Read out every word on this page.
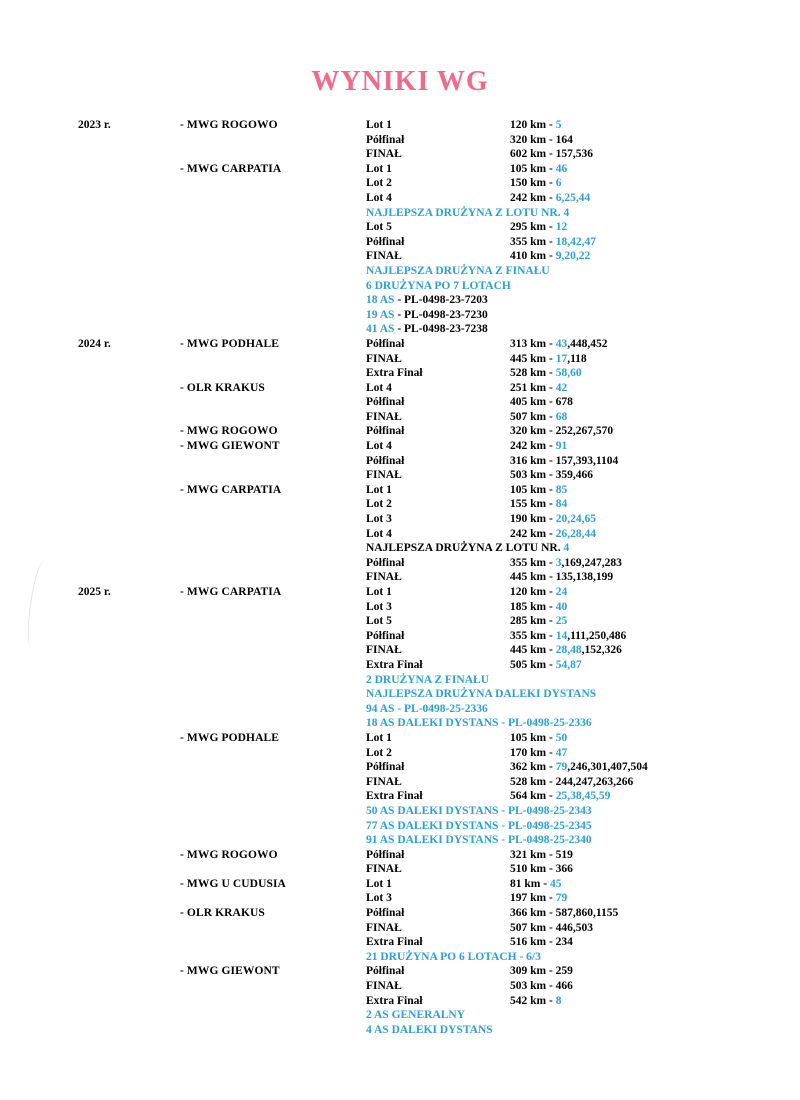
WYNIKI WG
2023 r.	- MWG ROGOWO	Lot 1	120 km - 5
Półfinał	320 km - 164
FINAŁ	602 km - 157,536
- MWG CARPATIA	Lot 1	105 km - 46
Lot 2	150 km - 6
Lot 4	242 km - 6,25,44
NAJLEPSZA DRUŻYNA Z LOTU NR. 4
Lot 5	295 km - 12
Półfinał	355 km - 18,42,47
FINAŁ	410 km - 9,20,22
NAJLEPSZA DRUŻYNA Z FINAŁU
6 DRUŻYNA PO 7 LOTACH
18 AS - PL-0498-23-7203
19 AS - PL-0498-23-7230
41 AS - PL-0498-23-7238
2024 r.	- MWG PODHALE	Półfinał	313 km - 43,448,452
FINAŁ	445 km - 17,118
Extra Finał	528 km - 58,60
- OLR KRAKUS	Lot 4	251 km - 42
Półfinał	405 km - 678
FINAŁ	507 km - 68
- MWG ROGOWO	Półfinał	320 km - 252,267,570
- MWG GIEWONT	Lot 4	242 km - 91
Półfinał	316 km - 157,393,1104
FINAŁ	503 km - 359,466
- MWG CARPATIA	Lot 1	105 km - 85
Lot 2	155 km - 84
Lot 3	190 km - 20,24,65
Lot 4	242 km - 26,28,44
NAJLEPSZA DRUŻYNA Z LOTU NR. 4
Półfinał	355 km - 3,169,247,283
FINAŁ	445 km - 135,138,199
2025 r.	- MWG CARPATIA	Lot 1	120 km - 24
Lot 3	185 km - 40
Lot 5	285 km - 25
Półfinał	355 km - 14,111,250,486
FINAŁ	445 km - 28,48,152,326
Extra Finał	505 km - 54,87
2 DRUŻYNA Z FINAŁU
NAJLEPSZA DRUŻYNA DALEKI DYSTANS
94 AS - PL-0498-25-2336
18 AS DALEKI DYSTANS - PL-0498-25-2336
- MWG PODHALE	Lot 1	105 km - 50
Lot 2	170 km - 47
Półfinał	362 km - 79,246,301,407,504
FINAŁ	528 km - 244,247,263,266
Extra Finał	564 km - 25,38,45,59
50 AS DALEKI DYSTANS - PL-0498-25-2343
77 AS DALEKI DYSTANS - PL-0498-25-2345
91 AS DALEKI DYSTANS - PL-0498-25-2340
- MWG ROGOWO	Półfinał	321 km - 519
FINAŁ	510 km - 366
- MWG U CUDUSIA	Lot 1	81 km - 45
Lot 3	197 km - 79
- OLR KRAKUS	Półfinał	366 km - 587,860,1155
FINAŁ	507 km - 446,503
Extra Finał	516 km - 234
21 DRUŻYNA PO 6 LOTACH - 6/3
- MWG GIEWONT	Półfinał	309 km - 259
FINAŁ	503 km - 466
Extra Finał	542 km - 8
2 AS GENERALNY
4 AS DALEKI DYSTANS
